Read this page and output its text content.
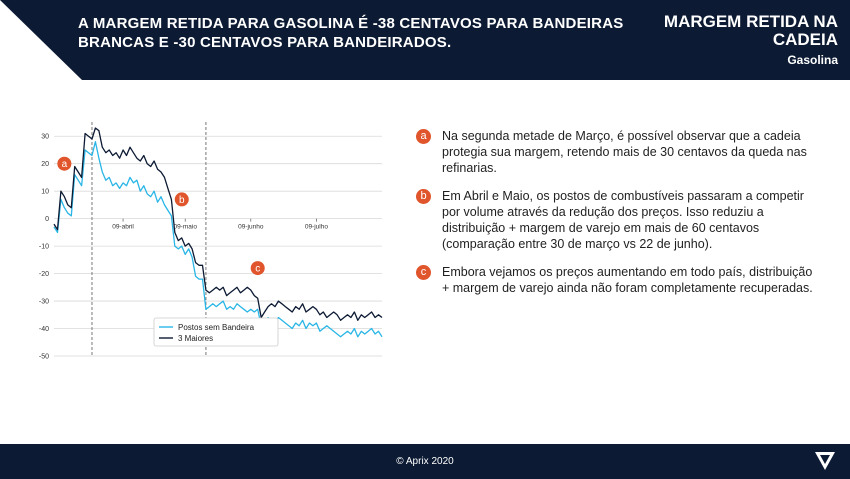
A MARGEM RETIDA PARA GASOLINA É -38 CENTAVOS PARA BANDEIRAS BRANCAS E -30 CENTAVOS PARA BANDEIRADOS.
MARGEM RETIDA NA CADEIA
Gasolina
30
20
10
0
-10
-20
-30
-40
-50
09-abril	09-maio	09-junho	09-julho
a
b
c
Postos sem Bandeira
3 Maiores
a	Na segunda metade de Março, é possível observar que a cadeia protegia sua margem, retendo mais de 30 centavos da queda nas refinarias.
b	Em Abril e Maio, os postos de combustíveis passaram a competir por volume através da redução dos preços. Isso reduziu a distribuição + margem de varejo em mais de 60 centavos (comparação entre 30 de março vs 22 de junho).
c	Embora vejamos os preços aumentando em todo país, distribuição + margem de varejo ainda não foram completamente recuperadas.
© Aprix 2020
